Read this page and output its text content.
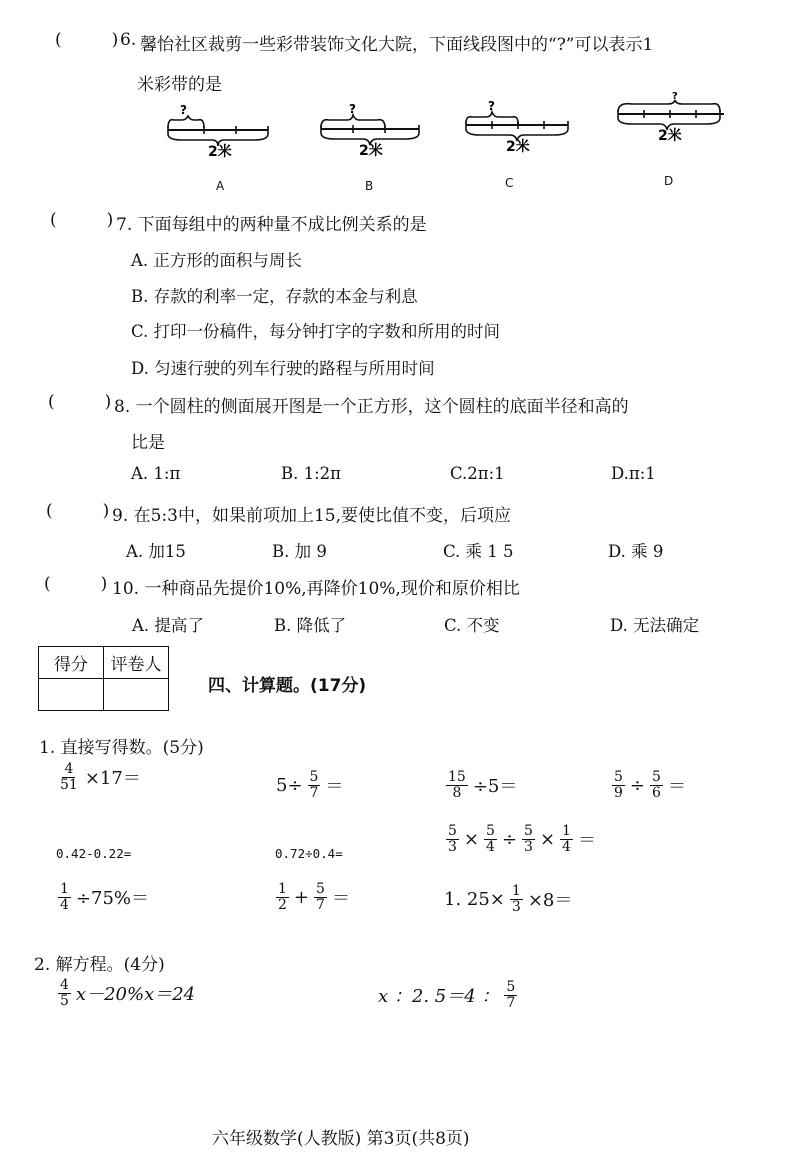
(	) 6. 馨怡社区裁剪一些彩带装饰文化大院，下面线段图中的“?”可以表示1
米彩带的是
?
2米
A
?
2米
B
?
2米
C
?
2米
D
(	) 7. 下面每组中的两种量不成比例关系的是
A. 正方形的面积与周长
B. 存款的利率一定，存款的本金与利息
C. 打印一份稿件，每分钟打字的字数和所用的时间
D. 匀速行驶的列车行驶的路程与所用时间
(	) 8. 一个圆柱的侧面展开图是一个正方形，这个圆柱的底面半径和高的
比是
A. 1:π	B. 1:2π	C.2π:1	D.π:1
(	) 9. 在5:3中，如果前项加上15,要使比值不变，后项应
A. 加15	B. 加 9	C. 乘 1 5	D. 乘 9
(	) 10. 一种商品先提价10%,再降价10%,现价和原价相比
A. 提高了	B. 降低了	C. 不变	D. 无法确定
得分	评卷人

四、计算题。(17分)
1. 直接写得数。(5分)
$\frac{4}{51} \times 17=$	$5\div \frac{5}{7}$ ＝	$\frac{15}{8} \div 5=$	$\frac{5}{9} \div \frac{5}{6}$ ＝
0.42-0.22=	0.72÷0.4=	$\frac{5}{3} \times \frac{5}{4} \div \frac{5}{3} \times \frac{1}{4}$ ＝
$\frac{1}{4} \div 75\%=$	$\frac{1}{2} + \frac{5}{7}$ ＝	1. $25\times \frac{1}{3} \times 8=$
2. 解方程。(4分)
$\frac{4}{5} x-20\%x=24$	x ：2. 5＝4 ： $\frac{5}{7}$
六年级数学(人教版) 第3页(共8页)
